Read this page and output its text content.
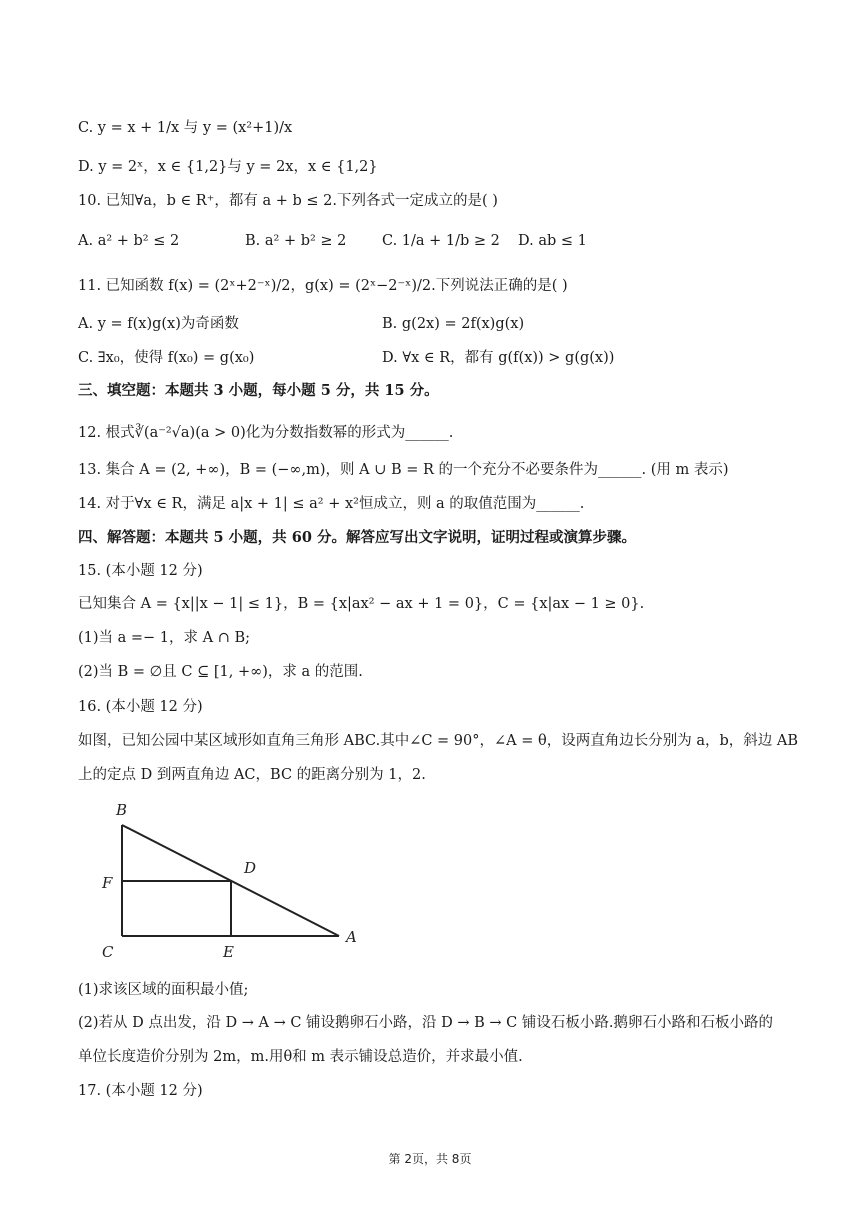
C. y = x + 1/x 与 y = (x²+1)/x
D. y = 2ˣ，x ∈ {1,2}与 y = 2x，x ∈ {1,2}
10. 已知∀a，b ∈ R⁺，都有 a + b ≤ 2.下列各式一定成立的是( )
A. a² + b² ≤ 2	B. a² + b² ≥ 2 C. 1/a + 1/b ≥ 2 D. ab ≤ 1
11. 已知函数 f(x) = (2ˣ+2⁻ˣ)/2，g(x) = (2ˣ−2⁻ˣ)/2.下列说法正确的是( )
A. y = f(x)g(x)为奇函数	B. g(2x) = 2f(x)g(x)
C. ∃x₀，使得 f(x₀) = g(x₀)	D. ∀x ∈ R，都有 g(f(x)) > g(g(x))
三、填空题：本题共 3 小题，每小题 5 分，共 15 分。
12. 根式∛(a⁻²√a)(a > 0)化为分数指数幂的形式为______.
13. 集合 A = (2, +∞)，B = (−∞,m)，则 A ∪ B = R 的一个充分不必要条件为______. (用 m 表示)
14. 对于∀x ∈ R，满足 a|x + 1| ≤ a² + x²恒成立，则 a 的取值范围为______.
四、解答题：本题共 5 小题，共 60 分。解答应写出文字说明，证明过程或演算步骤。
15. (本小题 12 分)
已知集合 A = {x||x − 1| ≤ 1}，B = {x|ax² − ax + 1 = 0}，C = {x|ax − 1 ≥ 0}.
(1)当 a =− 1，求 A ∩ B;
(2)当 B = ∅且 C ⊆ [1, +∞)，求 a 的范围.
16. (本小题 12 分)
如图，已知公园中某区域形如直角三角形 ABC.其中∠C = 90°，∠A = θ，设两直角边长分别为 a，b，斜边 AB
上的定点 D 到两直角边 AC，BC 的距离分别为 1，2.
B
F
D
C	E
A
(1)求该区域的面积最小值;
(2)若从 D 点出发，沿 D → A → C 铺设鹅卵石小路，沿 D → B → C 铺设石板小路.鹅卵石小路和石板小路的
单位长度造价分别为 2m，m.用θ和 m 表示铺设总造价，并求最小值.
17. (本小题 12 分)
第 2页，共 8页
